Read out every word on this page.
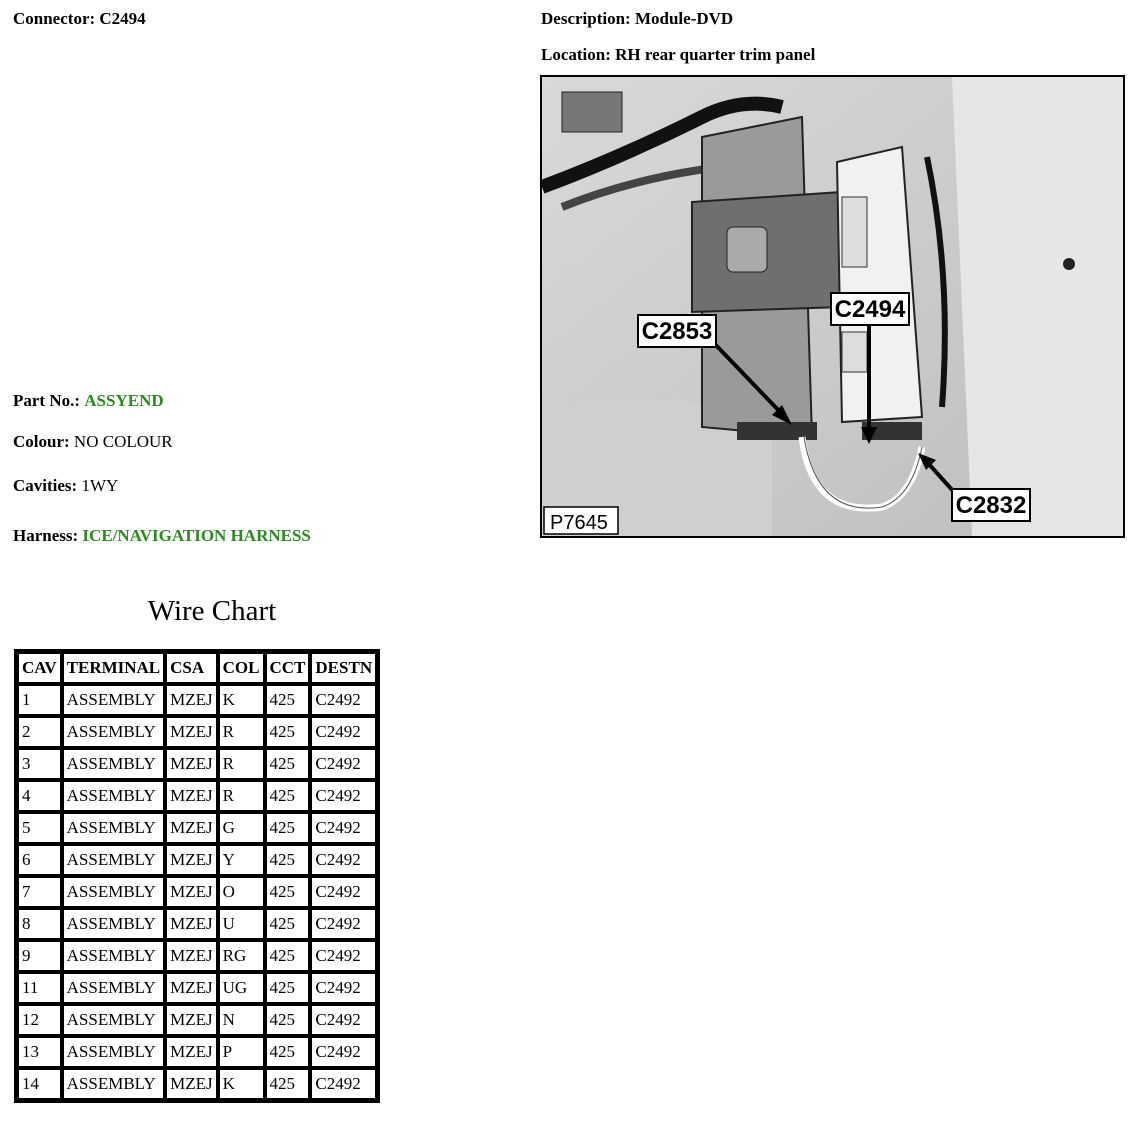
Connector: C2494	Description: Module-DVD
Location: RH rear quarter trim panel
Part No.: ASSYEND
Colour: NO COLOUR
Cavities: 1WY
Harness: ICE/NAVIGATION HARNESS
C2853
C2494
C2832
P7645
Wire Chart
CAV	TERMINAL	CSA	COL	CCT	DESTN
1	ASSEMBLY	MZEJ	K	425	C2492
2	ASSEMBLY	MZEJ	R	425	C2492
3	ASSEMBLY	MZEJ	R	425	C2492
4	ASSEMBLY	MZEJ	R	425	C2492
5	ASSEMBLY	MZEJ	G	425	C2492
6	ASSEMBLY	MZEJ	Y	425	C2492
7	ASSEMBLY	MZEJ	O	425	C2492
8	ASSEMBLY	MZEJ	U	425	C2492
9	ASSEMBLY	MZEJ	RG	425	C2492
11	ASSEMBLY	MZEJ	UG	425	C2492
12	ASSEMBLY	MZEJ	N	425	C2492
13	ASSEMBLY	MZEJ	P	425	C2492
14	ASSEMBLY	MZEJ	K	425	C2492
